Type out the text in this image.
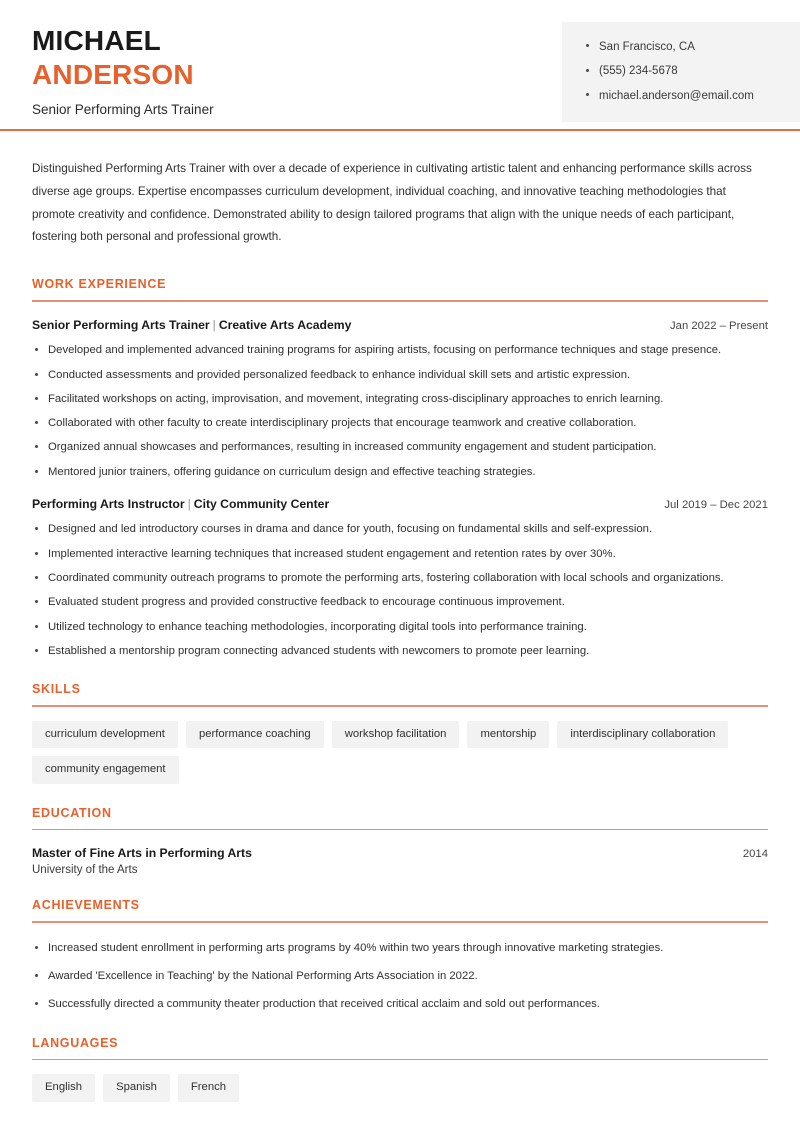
MICHAEL
ANDERSON
Senior Performing Arts Trainer
San Francisco, CA
(555) 234-5678
michael.anderson@email.com
Distinguished Performing Arts Trainer with over a decade of experience in cultivating artistic talent and enhancing performance skills across diverse age groups. Expertise encompasses curriculum development, individual coaching, and innovative teaching methodologies that promote creativity and confidence. Demonstrated ability to design tailored programs that align with the unique needs of each participant, fostering both personal and professional growth.
WORK EXPERIENCE
Senior Performing Arts Trainer | Creative Arts Academy	Jan 2022 – Present
Developed and implemented advanced training programs for aspiring artists, focusing on performance techniques and stage presence.
Conducted assessments and provided personalized feedback to enhance individual skill sets and artistic expression.
Facilitated workshops on acting, improvisation, and movement, integrating cross-disciplinary approaches to enrich learning.
Collaborated with other faculty to create interdisciplinary projects that encourage teamwork and creative collaboration.
Organized annual showcases and performances, resulting in increased community engagement and student participation.
Mentored junior trainers, offering guidance on curriculum design and effective teaching strategies.
Performing Arts Instructor | City Community Center	Jul 2019 – Dec 2021
Designed and led introductory courses in drama and dance for youth, focusing on fundamental skills and self-expression.
Implemented interactive learning techniques that increased student engagement and retention rates by over 30%.
Coordinated community outreach programs to promote the performing arts, fostering collaboration with local schools and organizations.
Evaluated student progress and provided constructive feedback to encourage continuous improvement.
Utilized technology to enhance teaching methodologies, incorporating digital tools into performance training.
Established a mentorship program connecting advanced students with newcomers to promote peer learning.
SKILLS
curriculum development	performance coaching	workshop facilitation	mentorship	interdisciplinary collaboration
community engagement
EDUCATION
Master of Fine Arts in Performing Arts	2014
University of the Arts
ACHIEVEMENTS
Increased student enrollment in performing arts programs by 40% within two years through innovative marketing strategies.
Awarded 'Excellence in Teaching' by the National Performing Arts Association in 2022.
Successfully directed a community theater production that received critical acclaim and sold out performances.
LANGUAGES
English	Spanish	French
